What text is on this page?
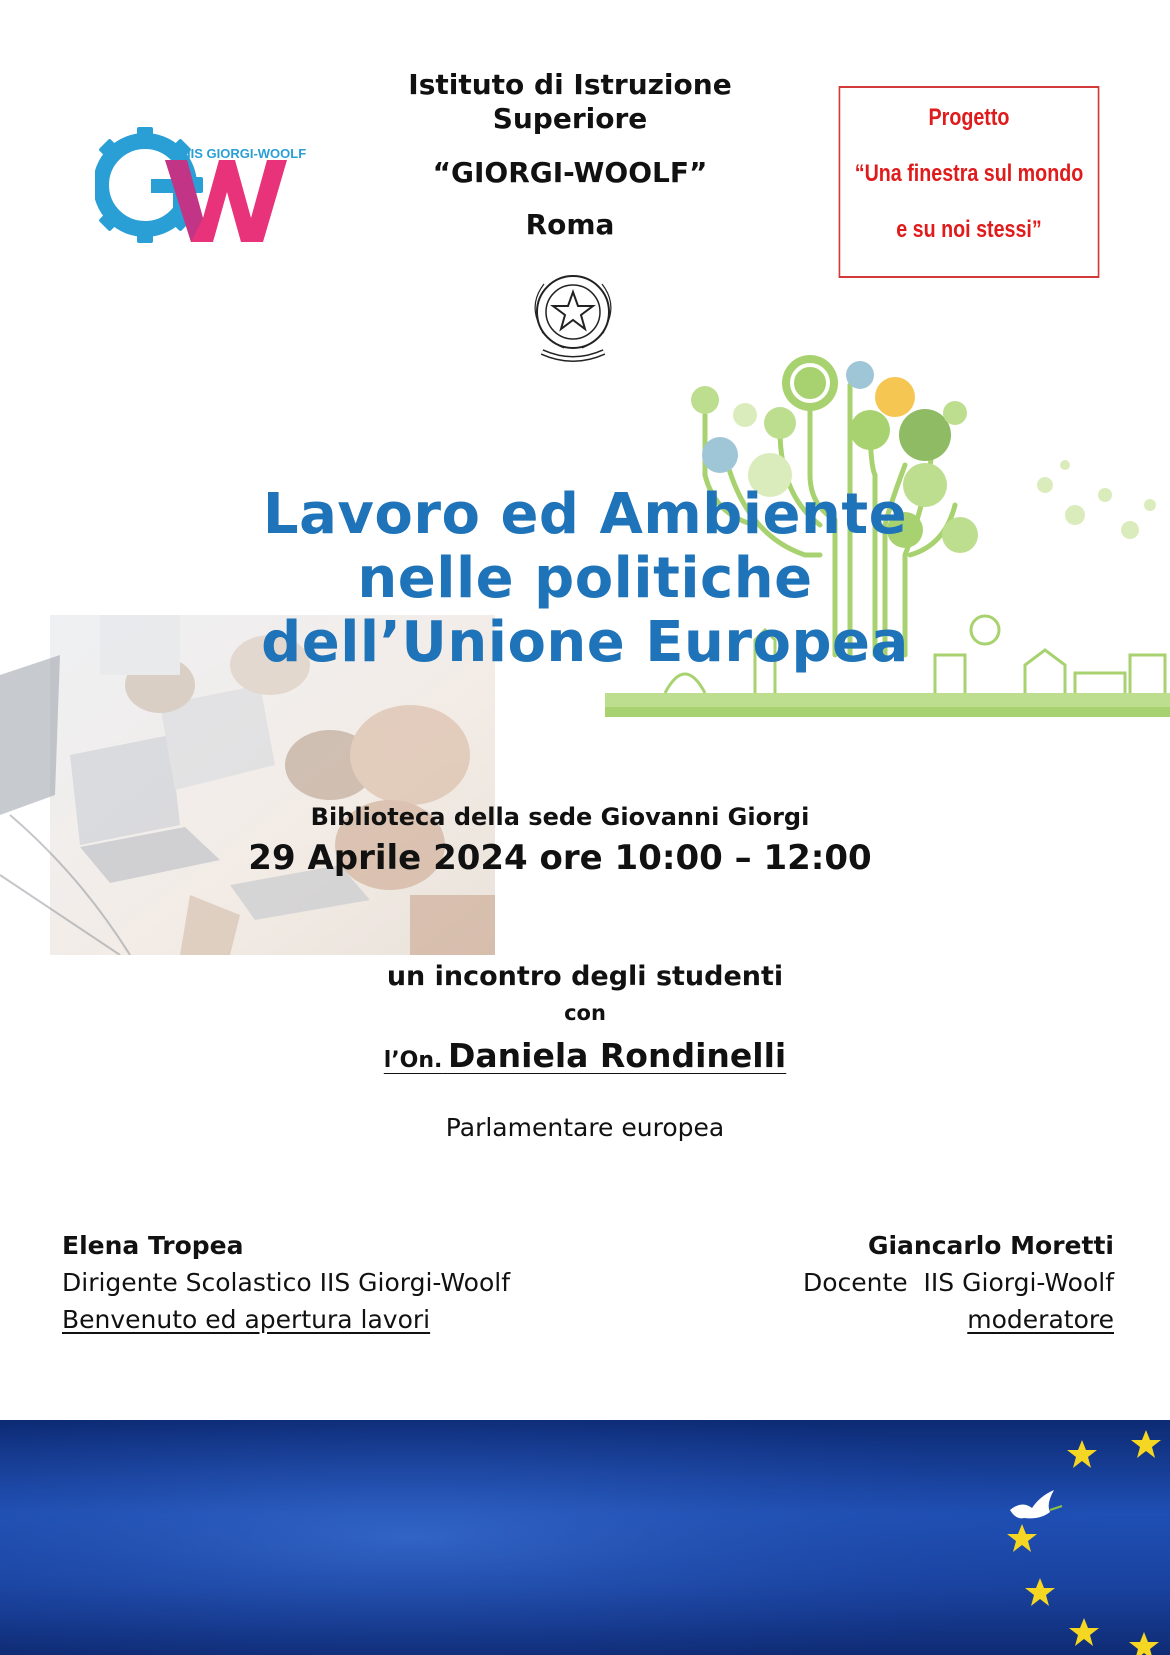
IIS GIORGI-WOOLF
Istituto di Istruzione
Superiore
“GIORGI-WOOLF”
Roma
Progetto
“Una finestra sul mondo
e su noi stessi”
Lavoro ed Ambiente
nelle politiche
dell’Unione Europea
Biblioteca della sede Giovanni Giorgi
29 Aprile 2024 ore 10:00 – 12:00
un incontro degli studenti
con
l’On. Daniela Rondinelli
Parlamentare europea
Elena Tropea
Dirigente Scolastico IIS Giorgi-Woolf
Benvenuto ed apertura lavori
Giancarlo Moretti
Docente  IIS Giorgi-Woolf
moderatore
